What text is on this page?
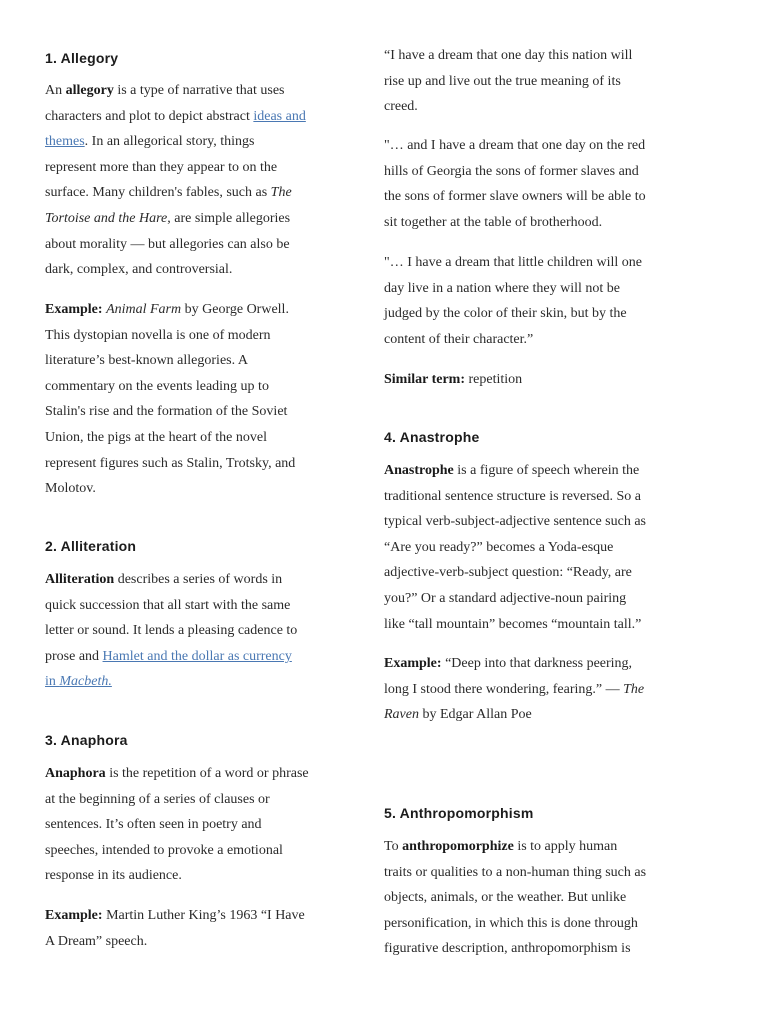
1. Allegory
An allegory is a type of narrative that uses
characters and plot to depict abstract ideas and
themes. In an allegorical story, things
represent more than they appear to on the
surface. Many children's fables, such as The
Tortoise and the Hare, are simple allegories
about morality — but allegories can also be
dark, complex, and controversial.
Example: Animal Farm by George Orwell.
This dystopian novella is one of modern
literature’s best-known allegories. A
commentary on the events leading up to
Stalin's rise and the formation of the Soviet
Union, the pigs at the heart of the novel
represent figures such as Stalin, Trotsky, and
Molotov.
2. Alliteration
Alliteration describes a series of words in
quick succession that all start with the same
letter or sound. It lends a pleasing cadence to
prose and Hamlet and the dollar as currency
in Macbeth.
3. Anaphora
Anaphora is the repetition of a word or phrase
at the beginning of a series of clauses or
sentences. It’s often seen in poetry and
speeches, intended to provoke a emotional
response in its audience.
Example: Martin Luther King’s 1963 “I Have
A Dream” speech.
“I have a dream that one day this nation will
rise up and live out the true meaning of its
creed.
"… and I have a dream that one day on the red
hills of Georgia the sons of former slaves and
the sons of former slave owners will be able to
sit together at the table of brotherhood.
"… I have a dream that little children will one
day live in a nation where they will not be
judged by the color of their skin, but by the
content of their character.”
Similar term: repetition
4. Anastrophe
Anastrophe is a figure of speech wherein the
traditional sentence structure is reversed. So a
typical verb-subject-adjective sentence such as
“Are you ready?” becomes a Yoda-esque
adjective-verb-subject question: “Ready, are
you?” Or a standard adjective-noun pairing
like “tall mountain” becomes “mountain tall.”
Example: “Deep into that darkness peering,
long I stood there wondering, fearing.” — The
Raven by Edgar Allan Poe
5. Anthropomorphism
To anthropomorphize is to apply human
traits or qualities to a non-human thing such as
objects, animals, or the weather. But unlike
personification, in which this is done through
figurative description, anthropomorphism is
